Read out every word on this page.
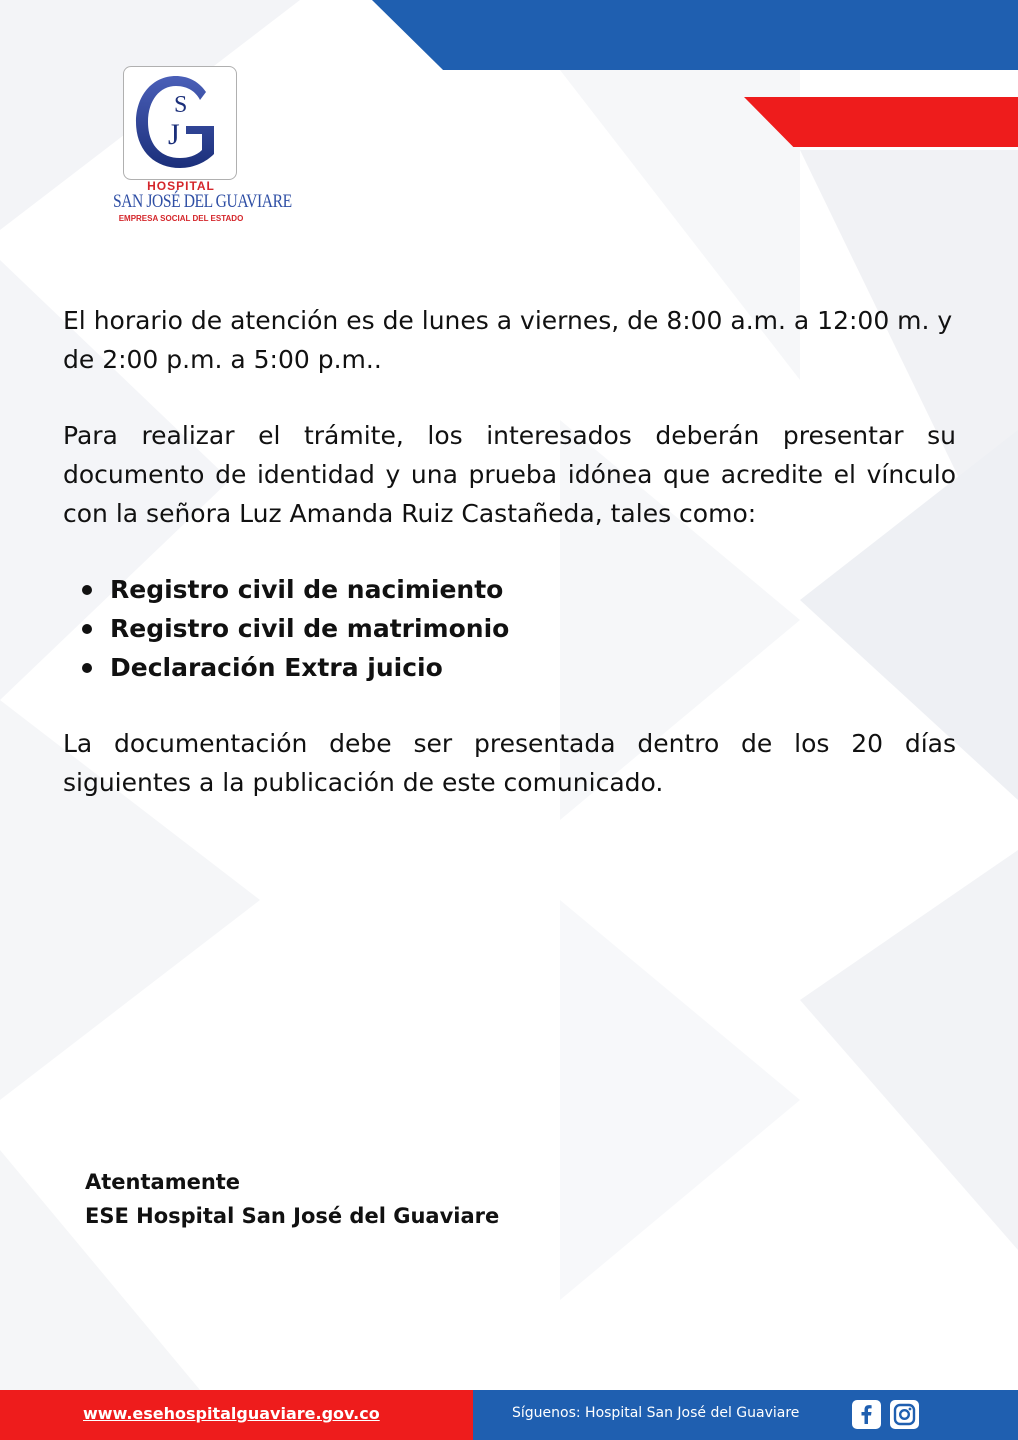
S
J
HOSPITAL
SAN JOSÉ DEL GUAVIARE
EMPRESA SOCIAL DEL ESTADO
El horario de atención es de lunes a viernes, de 8:00 a.m. a 12:00 m. y de 2:00 p.m. a 5:00 p.m..
Para realizar el trámite, los interesados deberán presentar su documento de identidad y una prueba idónea que acredite el vínculo con la señora Luz Amanda Ruiz Castañeda, tales como:
Registro civil de nacimiento
Registro civil de matrimonio
Declaración Extra juicio
La documentación debe ser presentada dentro de los 20 días siguientes a la publicación de este comunicado.
Atentamente
ESE Hospital San José del Guaviare
www.esehospitalguaviare.gov.co	Síguenos: Hospital San José del Guaviare
